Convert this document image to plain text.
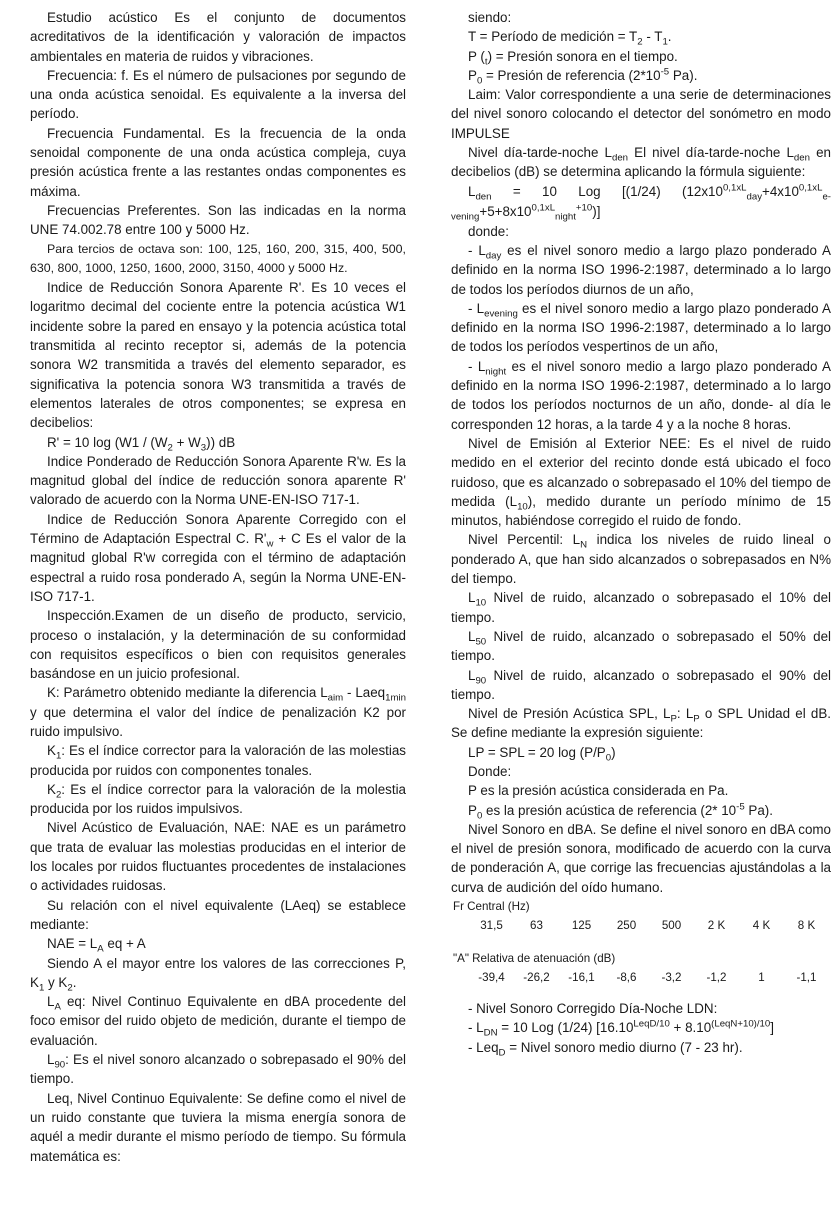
Estudio acústico Es el conjunto de documentos acreditativos de la identificación y valoración de impactos ambientales en materia de ruidos y vibraciones.

Frecuencia: f. Es el número de pulsaciones por segundo de una onda acústica senoidal. Es equivalente a la inversa del período.

Frecuencia Fundamental. Es la frecuencia de la onda senoidal componente de una onda acústica compleja, cuya presión acústica frente a las restantes ondas componentes es máxima.

Frecuencias Preferentes. Son las indicadas en la norma UNE 74.002.78 entre 100 y 5000 Hz.

Para tercios de octava son: 100, 125, 160, 200, 315, 400, 500, 630, 800, 1000, 1250, 1600, 2000, 3150, 4000 y 5000 Hz.

Indice de Reducción Sonora Aparente R'. Es 10 veces el logaritmo decimal del cociente entre la potencia acústica W1 incidente sobre la pared en ensayo y la potencia acústica total transmitida al recinto receptor si, además de la potencia sonora W2 transmitida a través del elemento separador, es significativa la potencia sonora W3 transmitida a través de elementos laterales de otros componentes; se expresa en decibelios:

R' = 10 $\log (W1 / (W_2 + W_3))$ dB

Indice Ponderado de Reducción Sonora Aparente R'w. Es la magnitud global del índice de reducción sonora aparente R' valorado de acuerdo con la Norma UNE-EN-ISO 717-1.

Indice de Reducción Sonora Aparente Corregido con el Término de Adaptación Espectral C. $R'_w + C$ Es el valor de la magnitud global R'w corregida con el término de adaptación espectral a ruido rosa ponderado A, según la Norma UNE-EN-ISO 717-1.

Inspección.Examen de un diseño de producto, servicio, proceso o instalación, y la determinación de su conformidad con requisitos específicos o bien con requisitos generales basándose en un juicio profesional.

K: Parámetro obtenido mediante la diferencia $L_{aim}$ - Laeq$_{1min}$ y que determina el valor del índice de penalización K2 por ruido impulsivo.

$K_1$: Es el índice corrector para la valoración de las molestias producida por ruidos con componentes tonales.

$K_2$: Es el índice corrector para la valoración de la molestia producida por los ruidos impulsivos.

Nivel Acústico de Evaluación, NAE: NAE es un parámetro que trata de evaluar las molestias producidas en el interior de los locales por ruidos fluctuantes procedentes de instalaciones o actividades ruidosas.

Su relación con el nivel equivalente (LAeq) se establece mediante:

NAE = $L_A$ eq + A

Siendo A el mayor entre los valores de las correcciones P, $K_1$ y $K_2$.

$L_A$ eq: Nivel Continuo Equivalente en dBA procedente del foco emisor del ruido objeto de medición, durante el tiempo de evaluación.

$L_{90}$: Es el nivel sonoro alcanzado o sobrepasado el 90% del tiempo.

Leq, Nivel Continuo Equivalente: Se define como el nivel de un ruido constante que tuviera la misma energía sonora de aquél a medir durante el mismo período de tiempo. Su fórmula matemática es:

siendo:

T = Período de medición = $T_2 - T_1$.

P $(_t)$ = Presión sonora en el tiempo.

$P_0$ = Presión de referencia ($2*10^{-5}$ Pa).

Laim: Valor correspondiente a una serie de determinaciones del nivel sonoro colocando el detector del sonómetro en modo IMPULSE

Nivel día-tarde-noche $L_{den}$ El nivel día-tarde-noche $L_{den}$ en decibelios (dB) se determina aplicando la fórmula siguiente:

$L_{den} = 10$ Log [(1/24) $(12x10^{0,1xL}_{day}+4x10^{0,1xL}_{e-vening}+5+8x10^{0,1xL}_{night}^{+10})$]

donde:

- $L_{day}$ es el nivel sonoro medio a largo plazo ponderado A definido en la norma ISO 1996-2:1987, determinado a lo largo de todos los períodos diurnos de un año,

- $L_{evening}$ es el nivel sonoro medio a largo plazo ponderado A definido en la norma ISO 1996-2:1987, determinado a lo largo de todos los períodos vespertinos de un año,

- $L_{night}$ es el nivel sonoro medio a largo plazo ponderado A definido en la norma ISO 1996-2:1987, determinado a lo largo de todos los períodos nocturnos de un año, donde- al día le corresponden 12 horas, a la tarde 4 y a la noche 8 horas.

Nivel de Emisión al Exterior NEE: Es el nivel de ruido medido en el exterior del recinto donde está ubicado el foco ruidoso, que es alcanzado o sobrepasado el 10% del tiempo de medida $(L_{10})$, medido durante un período mínimo de 15 minutos, habiéndose corregido el ruido de fondo.

Nivel Percentil: $L_N$ indica los niveles de ruido lineal o ponderado A, que han sido alcanzados o sobrepasados en N% del tiempo.

$L_{10}$ Nivel de ruido, alcanzado o sobrepasado el 10% del tiempo.

$L_{50}$ Nivel de ruido, alcanzado o sobrepasado el 50% del tiempo.

$L_{90}$ Nivel de ruido, alcanzado o sobrepasado el 90% del tiempo.

Nivel de Presión Acústica SPL, $L_P$: $L_P$ o SPL Unidad el dB. Se define mediante la expresión siguiente:

LP = SPL = 20 $\log (P/P_0)$

Donde:

P es la presión acústica considerada en Pa.

$P_0$ es la presión acústica de referencia (2* $10^{-5}$ Pa).

Nivel Sonoro en dBA. Se define el nivel sonoro en dBA como el nivel de presión sonora, modificado de acuerdo con la curva de ponderación A, que corrige las frecuencias ajustándolas a la curva de audición del oído humano.

Fr Central (Hz)

31,5	63	125	250	500	2 K	4 K	8 K

"A" Relativa de atenuación (dB)

-39,4	-26,2	-16,1	-8,6	-3,2	-1,2	1	-1,1

- Nivel Sonoro Corregido Día-Noche LDN:

- $L_{DN} = 10$ Log (1/24) $[16.10^{LeqD/10} + 8.10^{(LeqN+10)/10}]$

- Leq$_D$ = Nivel sonoro medio diurno (7 - 23 hr).
